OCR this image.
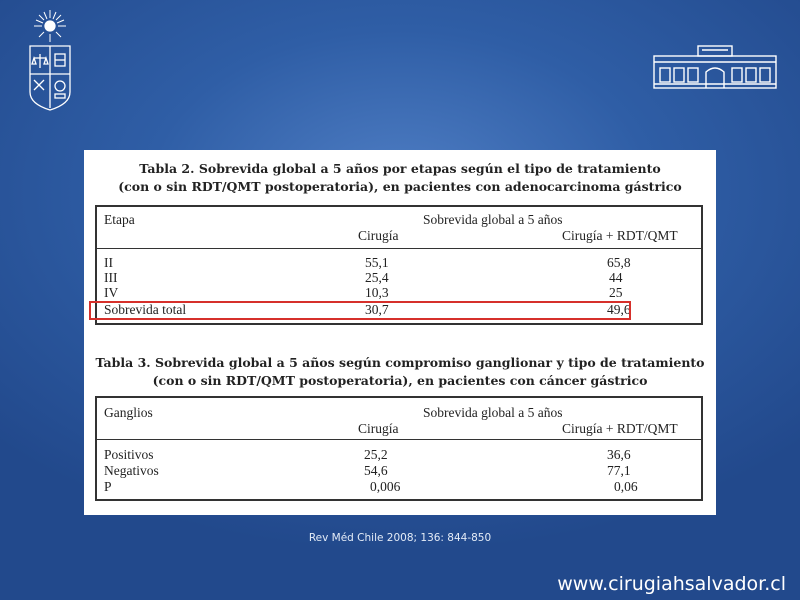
Tabla 2. Sobrevida global a 5 años por etapas según el tipo de tratamiento
(con o sin RDT/QMT postoperatoria), en pacientes con adenocarcinoma gástrico
Etapa	Sobrevida global a 5 años
Cirugía	Cirugía + RDT/QMT
II	55,1	65,8
III	25,4	44
IV	10,3	25
Sobrevida total	30,7	49,6
Tabla 3. Sobrevida global a 5 años según compromiso ganglionar y tipo de tratamiento
(con o sin RDT/QMT postoperatoria), en pacientes con cáncer gástrico
Ganglios	Sobrevida global a 5 años
Cirugía	Cirugía + RDT/QMT
Positivos	25,2	36,6
Negativos	54,6	77,1
P	0,006	0,06
Rev Méd Chile 2008; 136: 844-850
www.cirugiahsalvador.cl
